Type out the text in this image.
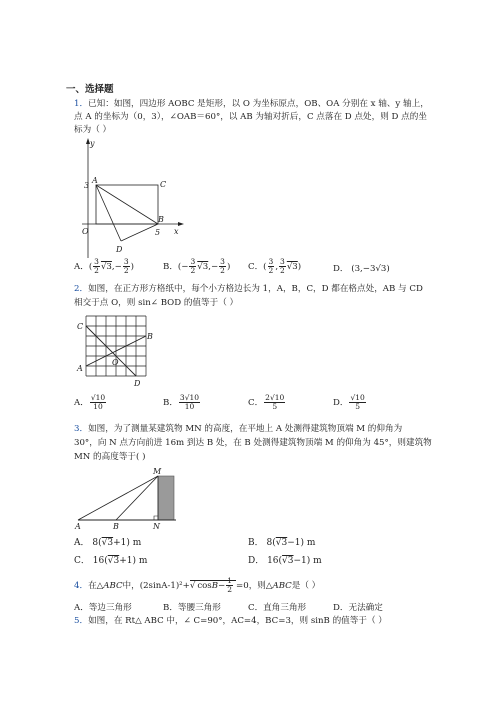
一、选择题
1．已知：如图，四边形 AOBC 是矩形，以 O 为坐标原点，OB、OA 分别在 x 轴、y 轴上，
点 A 的坐标为（0，3），∠OAB＝60°，以 AB 为轴对折后，C 点落在 D 点处，则 D 点的坐
标为（ ）
y
x
3
A	C
O
B
5
D
A．( $\frac{3}{2} √3,- \frac{3}{2}$ )	B．(− $\frac{3}{2} √3,- \frac{3}{2}$ ) C．( $\frac{3}{2}$ , $\frac{3}{2} √3$)	D． (3,−3√3)
2．如图，在正方形方格纸中，每个小方格边长为 1，A，B，C，D 都在格点处，AB 与 CD
相交于点 O，则 sin∠ BOD 的值等于（ ）
C
B
A
O
D
A． $\frac{√10}{10}$	B． $\frac{3√10}{10}$	C． $\frac{2√10}{5}$	D． $\frac{√10}{5}$
3．如图，为了测量某建筑物 MN 的高度，在平地上 A 处测得建筑物顶端 M 的仰角为
30°，向 N 点方向前进 16m 到达 B 处，在 B 处测得建筑物顶端 M 的仰角为 45°，则建筑物
MN 的高度等于( )
M
A	B	N
A． 8(√3+1) m	B． 8(√3−1) m
C． 16(√3+1) m	D． 16(√3−1) m
4．在△ABC中，(2sinA-1)²+√ $\cos B- \frac{1}{2} =0$，则△ABC是（ ）
A．等边三角形	B．等腰三角形	C．直角三角形	D．无法确定
5．如图，在 Rt△ ABC 中，∠ C=90°，AC=4，BC=3，则 sinB 的值等于（ ）
